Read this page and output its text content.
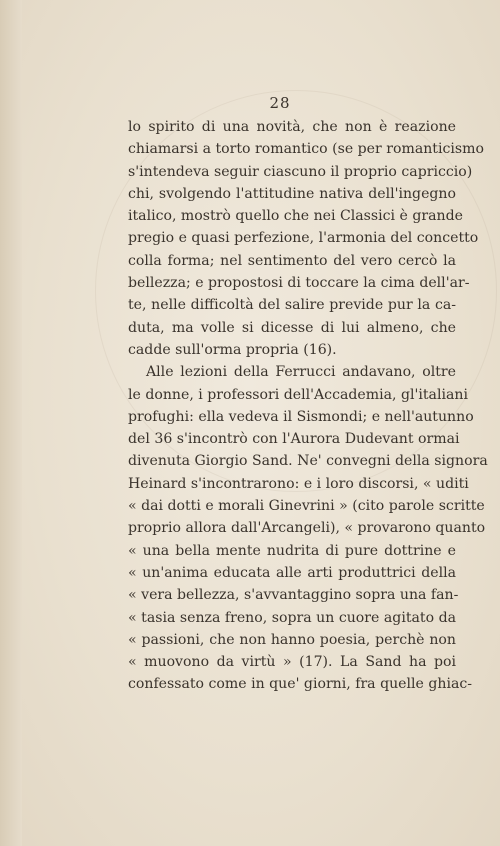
28
lo spirito di una novità, che non è reazione
chiamarsi a torto romantico (se per romanticismo
s'intendeva seguir ciascuno il proprio capriccio)
chi, svolgendo l'attitudine nativa dell'ingegno
italico, mostrò quello che nei Classici è grande
pregio e quasi perfezione, l'armonia del concetto
colla forma; nel sentimento del vero cercò la
bellezza; e propostosi di toccare la cima dell'ar-
te, nelle difficoltà del salire previde pur la ca-
duta, ma volle si dicesse di lui almeno, che
cadde sull'orma propria (16).
Alle lezioni della Ferrucci andavano, oltre
le donne, i professori dell'Accademia, gl'italiani
profughi: ella vedeva il Sismondi; e nell'autunno
del 36 s'incontrò con l'Aurora Dudevant ormai
divenuta Giorgio Sand. Ne' convegni della signora
Heinard s'incontrarono: e i loro discorsi, « uditi
« dai dotti e morali Ginevrini » (cito parole scritte
proprio allora dall'Arcangeli), « provarono quanto
« una bella mente nudrita di pure dottrine e
« un'anima educata alle arti produttrici della
« vera bellezza, s'avvantaggino sopra una fan-
« tasia senza freno, sopra un cuore agitato da
« passioni, che non hanno poesia, perchè non
« muovono da virtù » (17). La Sand ha poi
confessato come in que' giorni, fra quelle ghiac-
